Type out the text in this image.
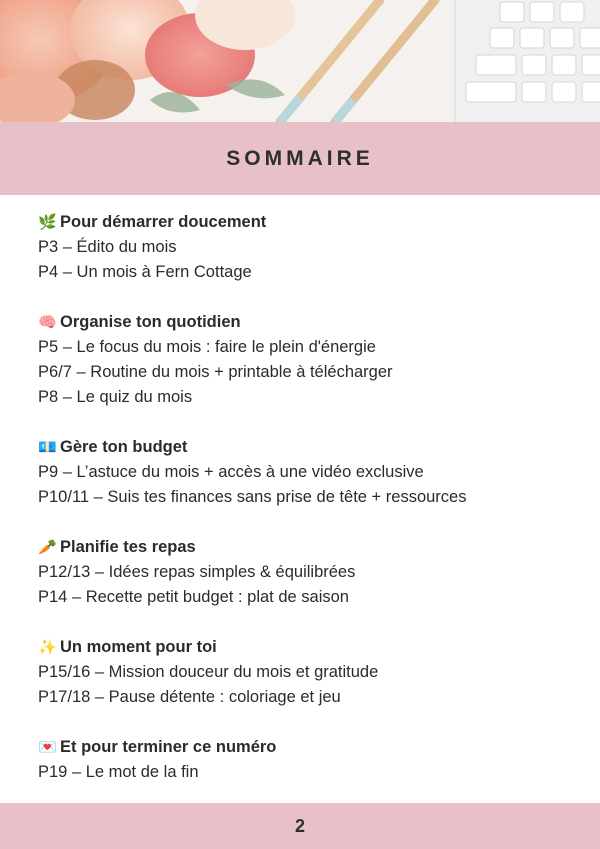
SOMMAIRE
🌿 Pour démarrer doucement
P3 – Édito du mois
P4 – Un mois à Fern Cottage
🧠 Organise ton quotidien
P5 – Le focus du mois : faire le plein d'énergie
P6/7 – Routine du mois + printable à télécharger
P8 – Le quiz du mois
💶 Gère ton budget
P9 – L’astuce du mois + accès à une vidéo exclusive
P10/11 – Suis tes finances sans prise de tête + ressources
🥕 Planifie tes repas
P12/13 – Idées repas simples & équilibrées
P14 – Recette petit budget : plat de saison
✨ Un moment pour toi
P15/16 – Mission douceur du mois et gratitude
P17/18 – Pause détente : coloriage et jeu
💌 Et pour terminer ce numéro
P19 – Le mot de la fin
2
